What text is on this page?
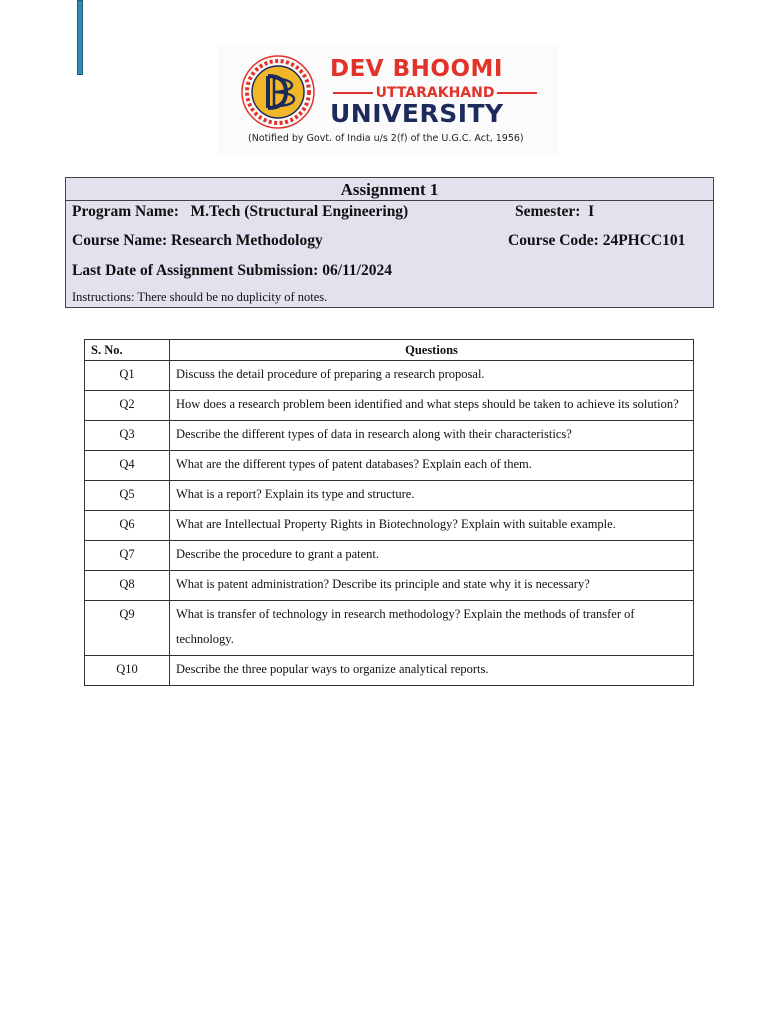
DEV BHOOMI
UTTARAKHAND
UNIVERSITY
(Notified by Govt. of India u/s 2(f) of the U.G.C. Act, 1956)
Assignment 1
Program Name: M.Tech (Structural Engineering)	Semester: I
Course Name: Research Methodology	Course Code: 24PHCC101
Last Date of Assignment Submission: 06/11/2024
Instructions: There should be no duplicity of notes.
S. No.	Questions
Q1	Discuss the detail procedure of preparing a research proposal.
Q2	How does a research problem been identified and what steps should be taken to achieve its solution?
Q3	Describe the different types of data in research along with their characteristics?
Q4	What are the different types of patent databases? Explain each of them.
Q5	What is a report? Explain its type and structure.
Q6	What are Intellectual Property Rights in Biotechnology? Explain with suitable example.
Q7	Describe the procedure to grant a patent.
Q8	What is patent administration? Describe its principle and state why it is necessary?
Q9	What is transfer of technology in research methodology? Explain the methods of transfer of technology.
Q10	Describe the three popular ways to organize analytical reports.
